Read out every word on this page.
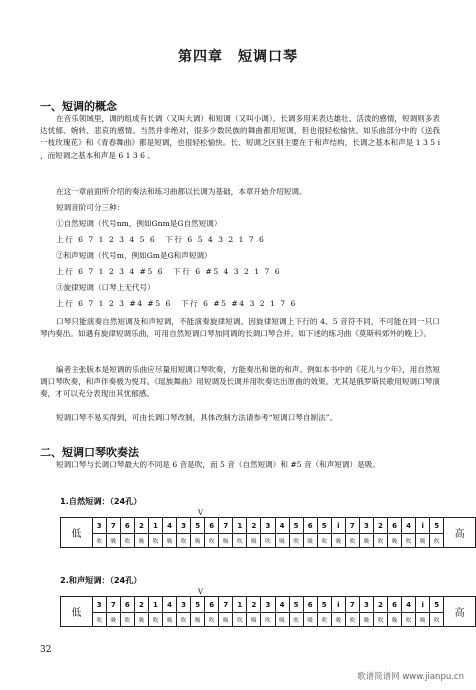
第四章　短调口琴
一、短调的概念
在音乐领域里，调的组成有长调（又叫大调）和短调（又叫小调）。长调多用来表达雄壮、活泼的感情，短调则多表达忧郁、婉转、悲哀的感情。当然并非绝对，很多少数民族的舞曲都用短调，但也很轻松愉快。如乐曲部分中的《送我一枝玫瑰花》和《青春舞曲》都是短调，也很轻松愉快。长、短调之区别主要在于和声结构，长调之基本和声是 1 3 5 i ，而短调之基本和声是 6 1 3 6 。
在这一章前面所介绍的奏法和练习曲都以长调为基础，本章开始介绍短调。
短调音阶可分三种：
①自然短调（代号nm，例如Gnm是G自然短调）
上行 6 7 1 2 3 4 5 6　下行 6 5 4 3 2 1 7 6
②和声短调（代号m，例如Gm是G和声短调）
上行 6 7 1 2 3 4 #5 6　下行 6 #5 4 3 2 1 7 6
③旋律短调（口琴上无代号）
上行 6 7 1 2 3 #4 #5 6　下行 6 #5 #4 3 2 1 7 6
口琴只能演奏自然短调及和声短调，不能演奏旋律短调。因旋律短调上下行的 4、5 音符不同，不可能在同一只口琴内奏出。如遇有旋律短调乐曲，可用自然短调口琴加同调的长调口琴合并。如下述的练习曲《莫斯科郊外的晚上》。
编者主张版本是短调的乐曲应尽量用短调口琴吹奏，方能奏出和谐的和声。例如本书中的《花儿与少年》，用自然短调口琴吹奏，和声伴奏极为悦耳。《瑶族舞曲》用短调及长调并用吹奏达出原曲的效果。尤其是俄罗斯民歌用短调口琴演奏，才可以充分表现出其忧郁感。
短调口琴不易买得到，可由长调口琴改制，具体改制方法请参考“短调口琴自制法”。
二、短调口琴吹奏法
短调口琴与长调口琴最大的不同是 6 音是吹，而 5 音（自然短调）和 #5 音（和声短调）是吸。
1.自然短调：（24孔）
V
低	3	7	6	2	1	4	3	5	6	7	1	2	3	4	5	6	5	i	7	3	2	6	4	i	5	高
	吹	吸	吹	吸	吹	吸	吹	吸	吹	吸	吹	吸	吹	吸	吹	吸	吹	吸	吹	吸	吹	吸	吹	吸	吹	
2.和声短调：（24孔）
V
低	3	7	6	2	1	4	3	5	6	7	1	2	3	4	5	6	5	i	7	3	2	6	4	i	5	高
	吹	吸	吹	吸	吹	吸	吹	吸	吹	吸	吹	吸	吹	吸	吹	吸	吹	吸	吹	吸	吹	吸	吹	吸	吹	
32
歌谱简谱网 www.jianpu.cn
